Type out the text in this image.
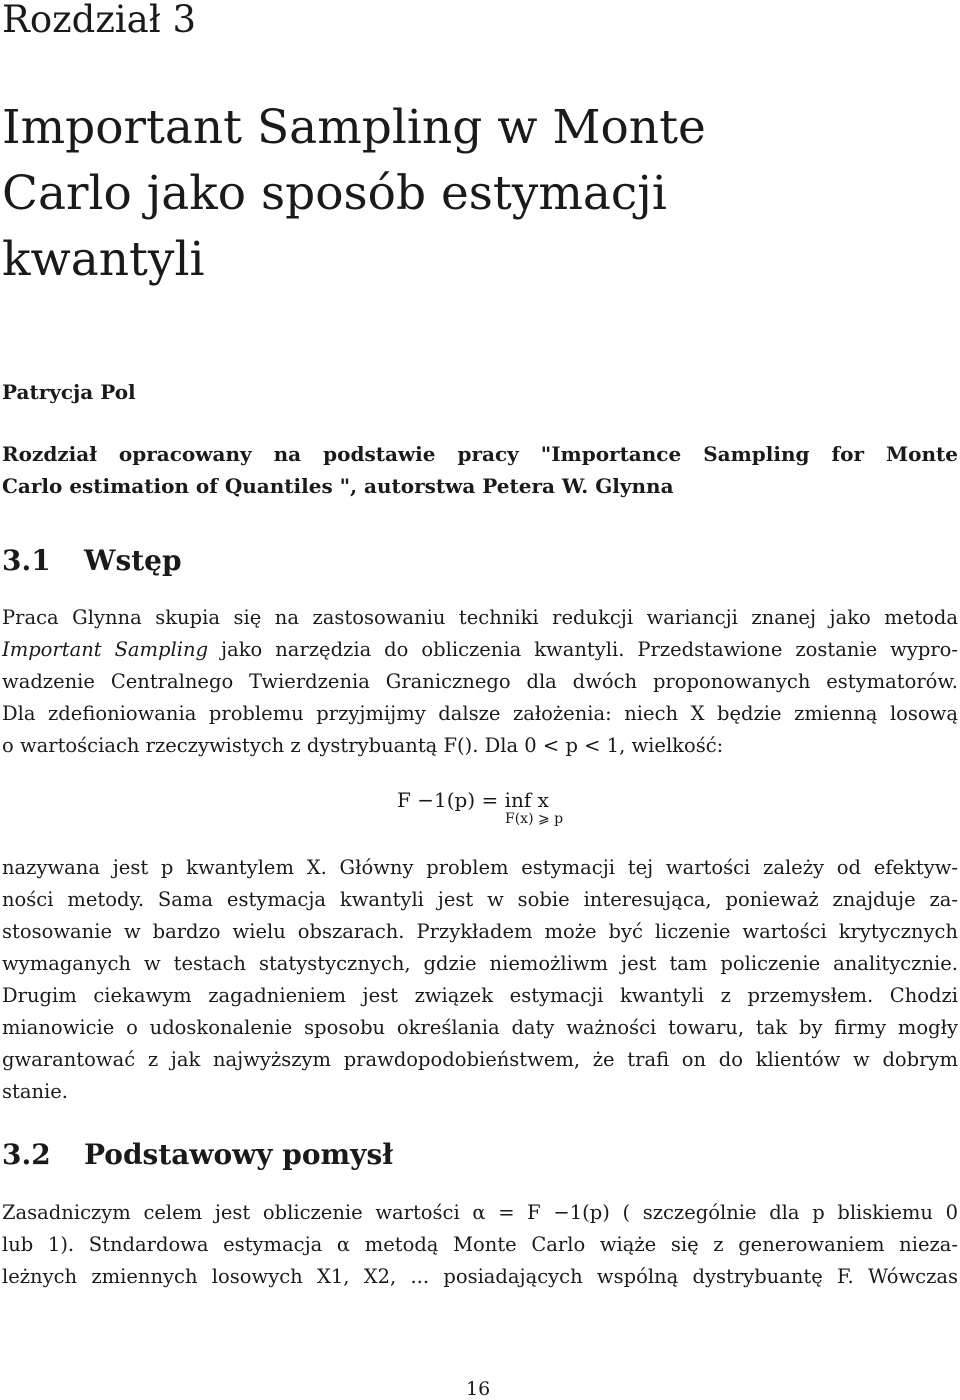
Rozdział 3
Important Sampling w Monte
Carlo jako sposób estymacji
kwantyli
Patrycja Pol
Rozdział opracowany na podstawie pracy "Importance Sampling for Monte
Carlo estimation of Quantiles ", autorstwa Petera W. Glynna
3.1 Wstęp
Praca Glynna skupia się na zastosowaniu techniki redukcji wariancji znanej jako metoda
Important Sampling jako narzędzia do obliczenia kwantyli. Przedstawione zostanie wypro-
wadzenie Centralnego Twierdzenia Granicznego dla dwóch proponowanych estymatorów.
Dla zdefioniowania problemu przyjmijmy dalsze założenia: niech X będzie zmienną losową
o wartościach rzeczywistych z dystrybuantą F(). Dla 0 < p < 1, wielkość:
F −1(p) = inf x
F(x) ⩾ p
nazywana jest p kwantylem X. Główny problem estymacji tej wartości zależy od efektyw-
ności metody. Sama estymacja kwantyli jest w sobie interesująca, ponieważ znajduje za-
stosowanie w bardzo wielu obszarach. Przykładem może być liczenie wartości krytycznych
wymaganych w testach statystycznych, gdzie niemożliwm jest tam policzenie analitycznie.
Drugim ciekawym zagadnieniem jest związek estymacji kwantyli z przemysłem. Chodzi
mianowicie o udoskonalenie sposobu określania daty ważności towaru, tak by firmy mogły
gwarantować z jak najwyższym prawdopodobieństwem, że trafi on do klientów w dobrym
stanie.
3.2 Podstawowy pomysł
Zasadniczym celem jest obliczenie wartości α = F −1(p) ( szczególnie dla p bliskiemu 0
lub 1). Stndardowa estymacja α metodą Monte Carlo wiąże się z generowaniem nieza-
leżnych zmiennych losowych X1, X2, ... posiadających wspólną dystrybuantę F. Wówczas
16
